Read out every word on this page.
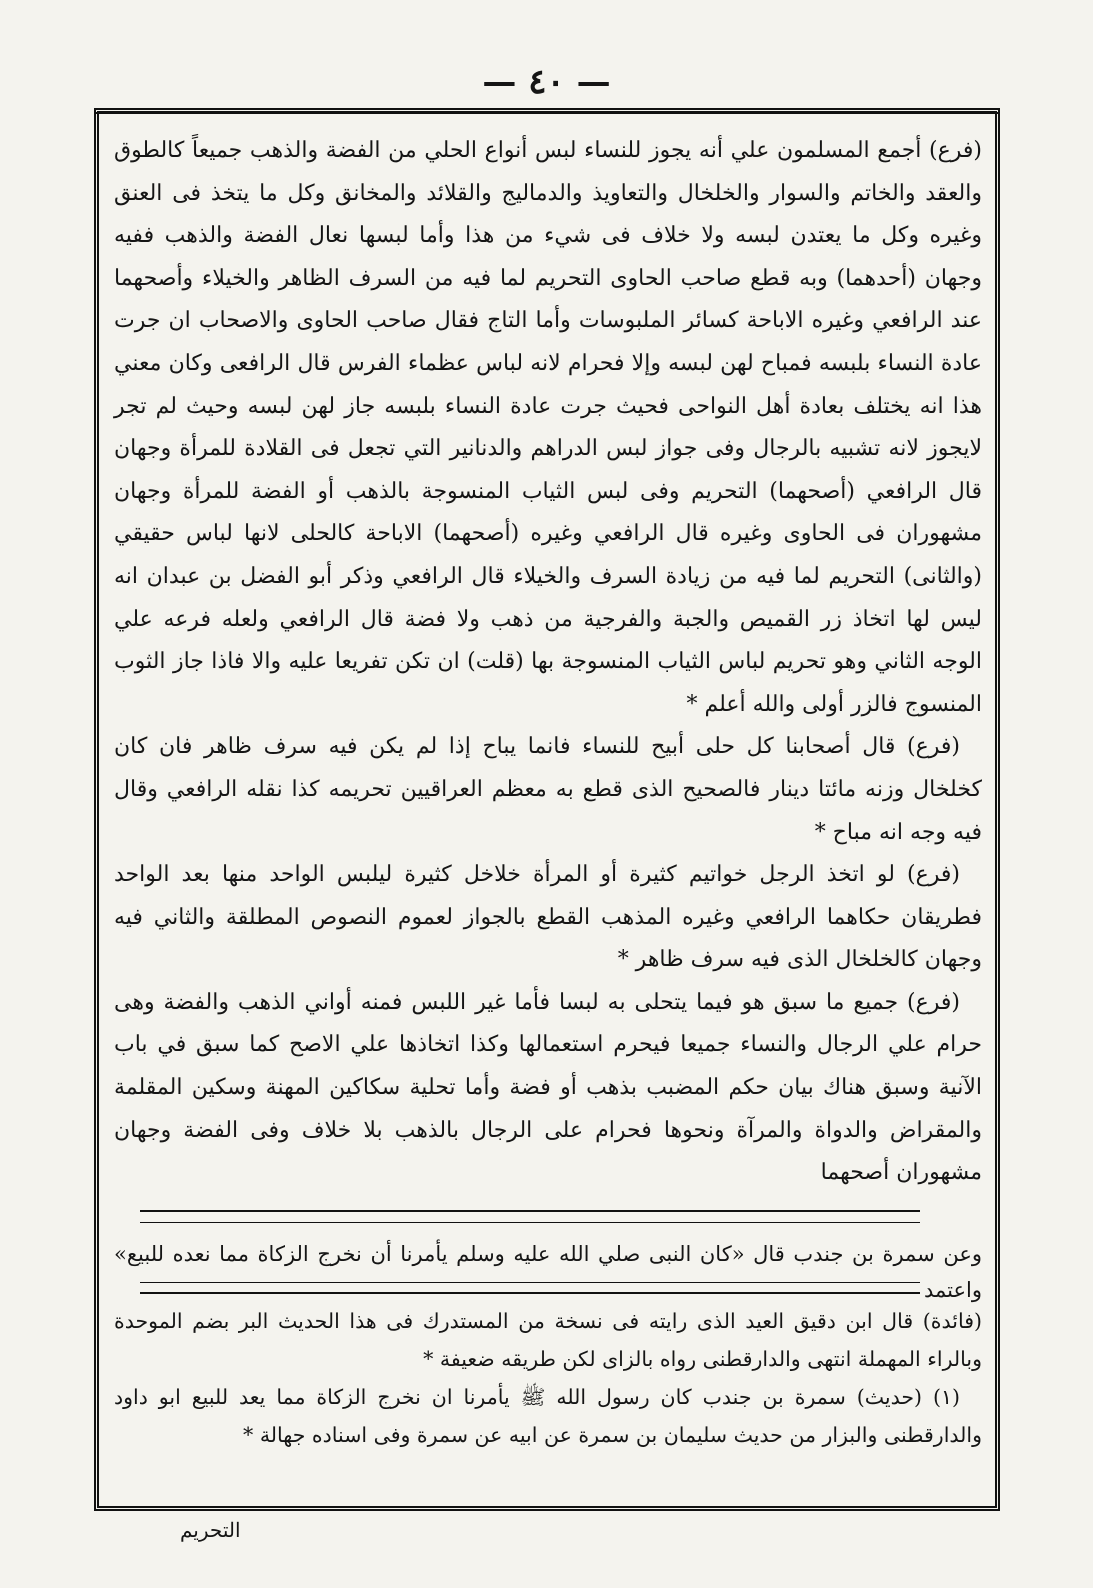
— ٤٠ —

(فرع) أجمع المسلمون علي أنه يجوز للنساء لبس أنواع الحلي من الفضة والذهب جميعاً كالطوق والعقد والخاتم والسوار والخلخال والتعاويذ والدماليج والقلائد والمخانق وكل ما يتخذ فى العنق وغيره وكل ما يعتدن لبسه ولا خلاف فى شيء من هذا وأما لبسها نعال الفضة والذهب ففيه وجهان (أحدهما) وبه قطع صاحب الحاوى التحريم لما فيه من السرف الظاهر والخيلاء وأصحهما عند الرافعي وغيره الاباحة كسائر الملبوسات وأما التاج فقال صاحب الحاوى والاصحاب ان جرت عادة النساء بلبسه فمباح لهن لبسه وإلا فحرام لانه لباس عظماء الفرس قال الرافعى وكان معني هذا انه يختلف بعادة أهل النواحى فحيث جرت عادة النساء بلبسه جاز لهن لبسه وحيث لم تجر لايجوز لانه تشبيه بالرجال وفى جواز لبس الدراهم والدنانير التي تجعل فى القلادة للمرأة وجهان قال الرافعي (أصحهما) التحريم وفى لبس الثياب المنسوجة بالذهب أو الفضة للمرأة وجهان مشهوران فى الحاوى وغيره قال الرافعي وغيره (أصحهما) الاباحة كالحلى لانها لباس حقيقي (والثانى) التحريم لما فيه من زيادة السرف والخيلاء قال الرافعي وذكر أبو الفضل بن عبدان انه ليس لها اتخاذ زر القميص والجبة والفرجية من ذهب ولا فضة قال الرافعي ولعله فرعه علي الوجه الثاني وهو تحريم لباس الثياب المنسوجة بها (قلت) ان تكن تفريعا عليه والا فاذا جاز الثوب المنسوج فالزر أولى والله أعلم *

(فرع) قال أصحابنا كل حلى أبيح للنساء فانما يباح إذا لم يكن فيه سرف ظاهر فان كان كخلخال وزنه مائتا دينار فالصحيح الذى قطع به معظم العراقيين تحريمه كذا نقله الرافعي وقال فيه وجه انه مباح *

(فرع) لو اتخذ الرجل خواتيم كثيرة أو المرأة خلاخل كثيرة ليلبس الواحد منها بعد الواحد فطريقان حكاهما الرافعي وغيره المذهب القطع بالجواز لعموم النصوص المطلقة والثاني فيه وجهان كالخلخال الذى فيه سرف ظاهر *

(فرع) جميع ما سبق هو فيما يتحلى به لبسا فأما غير اللبس فمنه أواني الذهب والفضة وهى حرام علي الرجال والنساء جميعا فيحرم استعمالها وكذا اتخاذها علي الاصح كما سبق في باب الآنية وسبق هناك بيان حكم المضبب بذهب أو فضة وأما تحلية سكاكين المهنة وسكين المقلمة والمقراض والدواة والمرآة ونحوها فحرام على الرجال بالذهب بلا خلاف وفى الفضة وجهان مشهوران أصحهما

وعن سمرة بن جندب قال «كان النبى صلي الله عليه وسلم يأمرنا أن نخرج الزكاة مما نعده للبيع» واعتمد

(فائدة) قال ابن دقيق العيد الذى رايته فى نسخة من المستدرك فى هذا الحديث البر بضم الموحدة وبالراء المهملة انتهى والدارقطنى رواه بالزاى لكن طريقه ضعيفة *

(١) (حديث) سمرة بن جندب كان رسول الله ﷺ يأمرنا ان نخرج الزكاة مما يعد للبيع ابو داود والدارقطنى والبزار من حديث سليمان بن سمرة عن ابيه عن سمرة وفى اسناده جهالة *

التحريم
